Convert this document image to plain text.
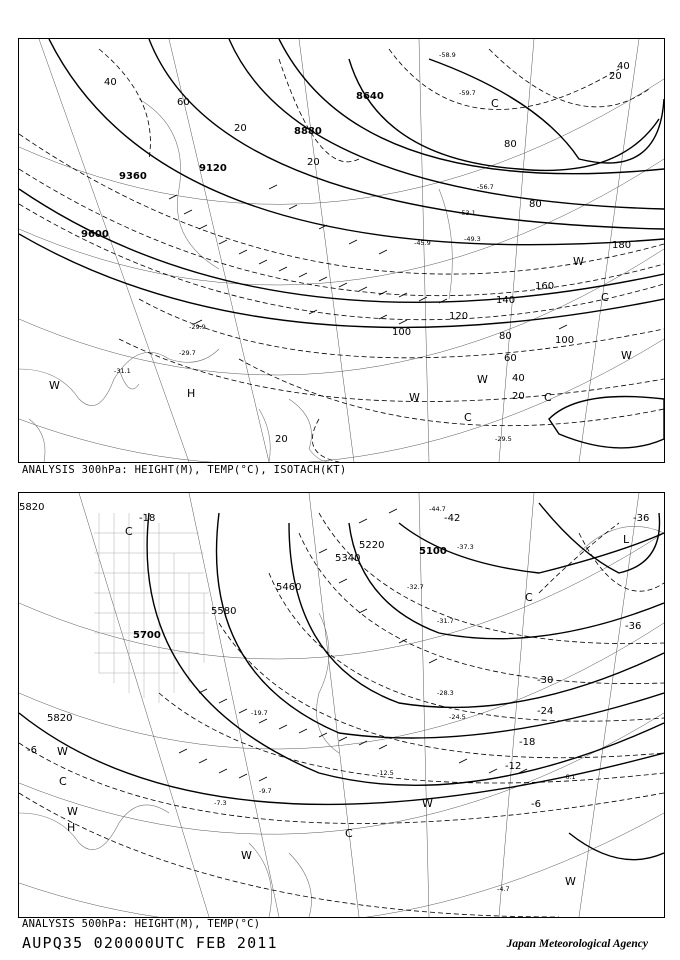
8640
8880
9120
9360
9600
40
60
20
20
40
20
80
80
100
120
100
140
160
180
80
60
40
20
20	-29.5
-31.1
-29.7
-29.9
-58.9
-59.7
-56.7
-53.1
-49.3
-45.9
H
W
W
W
W
W
C
C
C
C
ANALYSIS 300hPa: HEIGHT(M), TEMP(°C), ISOTACH(KT)
5820
5700
5580
5460
5340
5220
5100
5820
-18	-42
-36
-30
-24
-18
-12
-6
-6
-36
-44.7
-37.3
-32.7
-31.7
-28.3
-24.5
-19.7
-12.5
-9.7
-7.3
-6.1
-4.7
L
H
W
W
W
W
W
C
C
C
C
ANALYSIS 500hPa: HEIGHT(M), TEMP(°C)
AUPQ35 020000UTC FEB 2011	Japan Meteorological Agency
